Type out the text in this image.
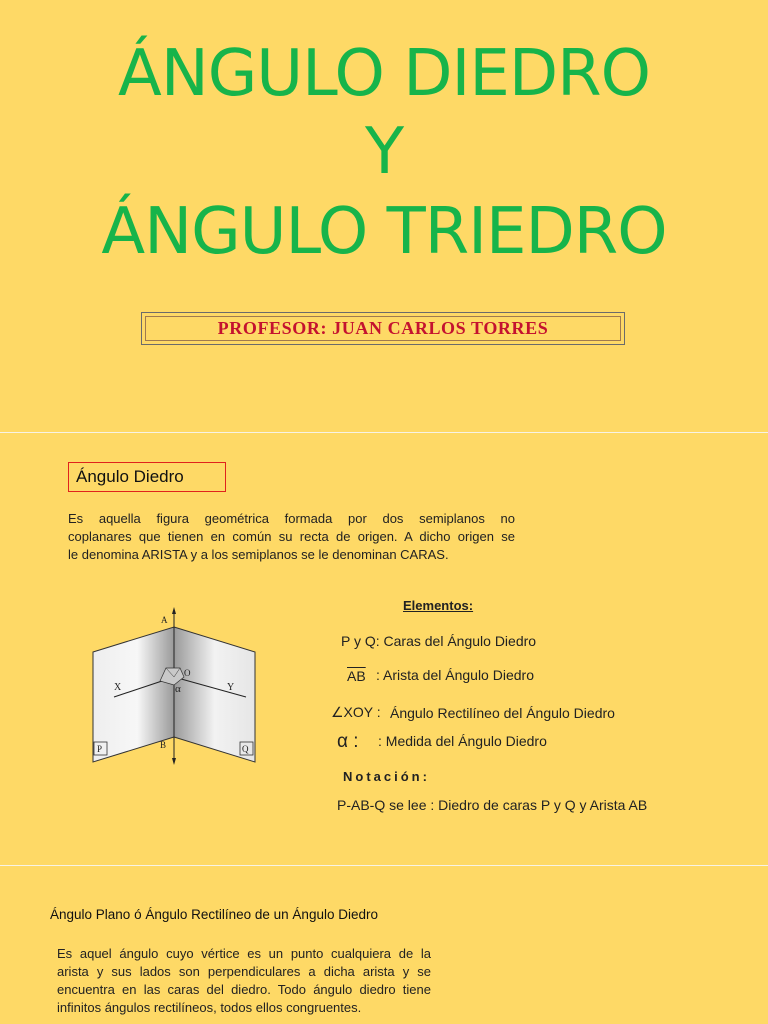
ÁNGULO DIEDRO
Y
ÁNGULO TRIEDRO
PROFESOR: JUAN CARLOS TORRES
Ángulo Diedro
Es aquella figura geométrica formada por dos semiplanos no
coplanares que tienen en común su recta de origen. A dicho origen se
le denomina ARISTA y a los semiplanos se le denominan CARAS.
A
B
O
X	Y
α
P	Q
Elementos:
P y Q: Caras del Ángulo Diedro
$\overline{AB}$ : Arista del Ángulo Diedro
∠XOY : Ángulo Rectilíneo del Ángulo Diedro
α : : Medida del Ángulo Diedro
Notación:
P-AB-Q se lee : Diedro de caras P y Q y Arista AB
Ángulo Plano ó Ángulo Rectilíneo de un Ángulo Diedro
Es aquel ángulo cuyo vértice es un punto cualquiera de la
arista y sus lados son perpendiculares a dicha arista y se
encuentra en las caras del diedro. Todo ángulo diedro tiene
infinitos ángulos rectilíneos, todos ellos congruentes.
